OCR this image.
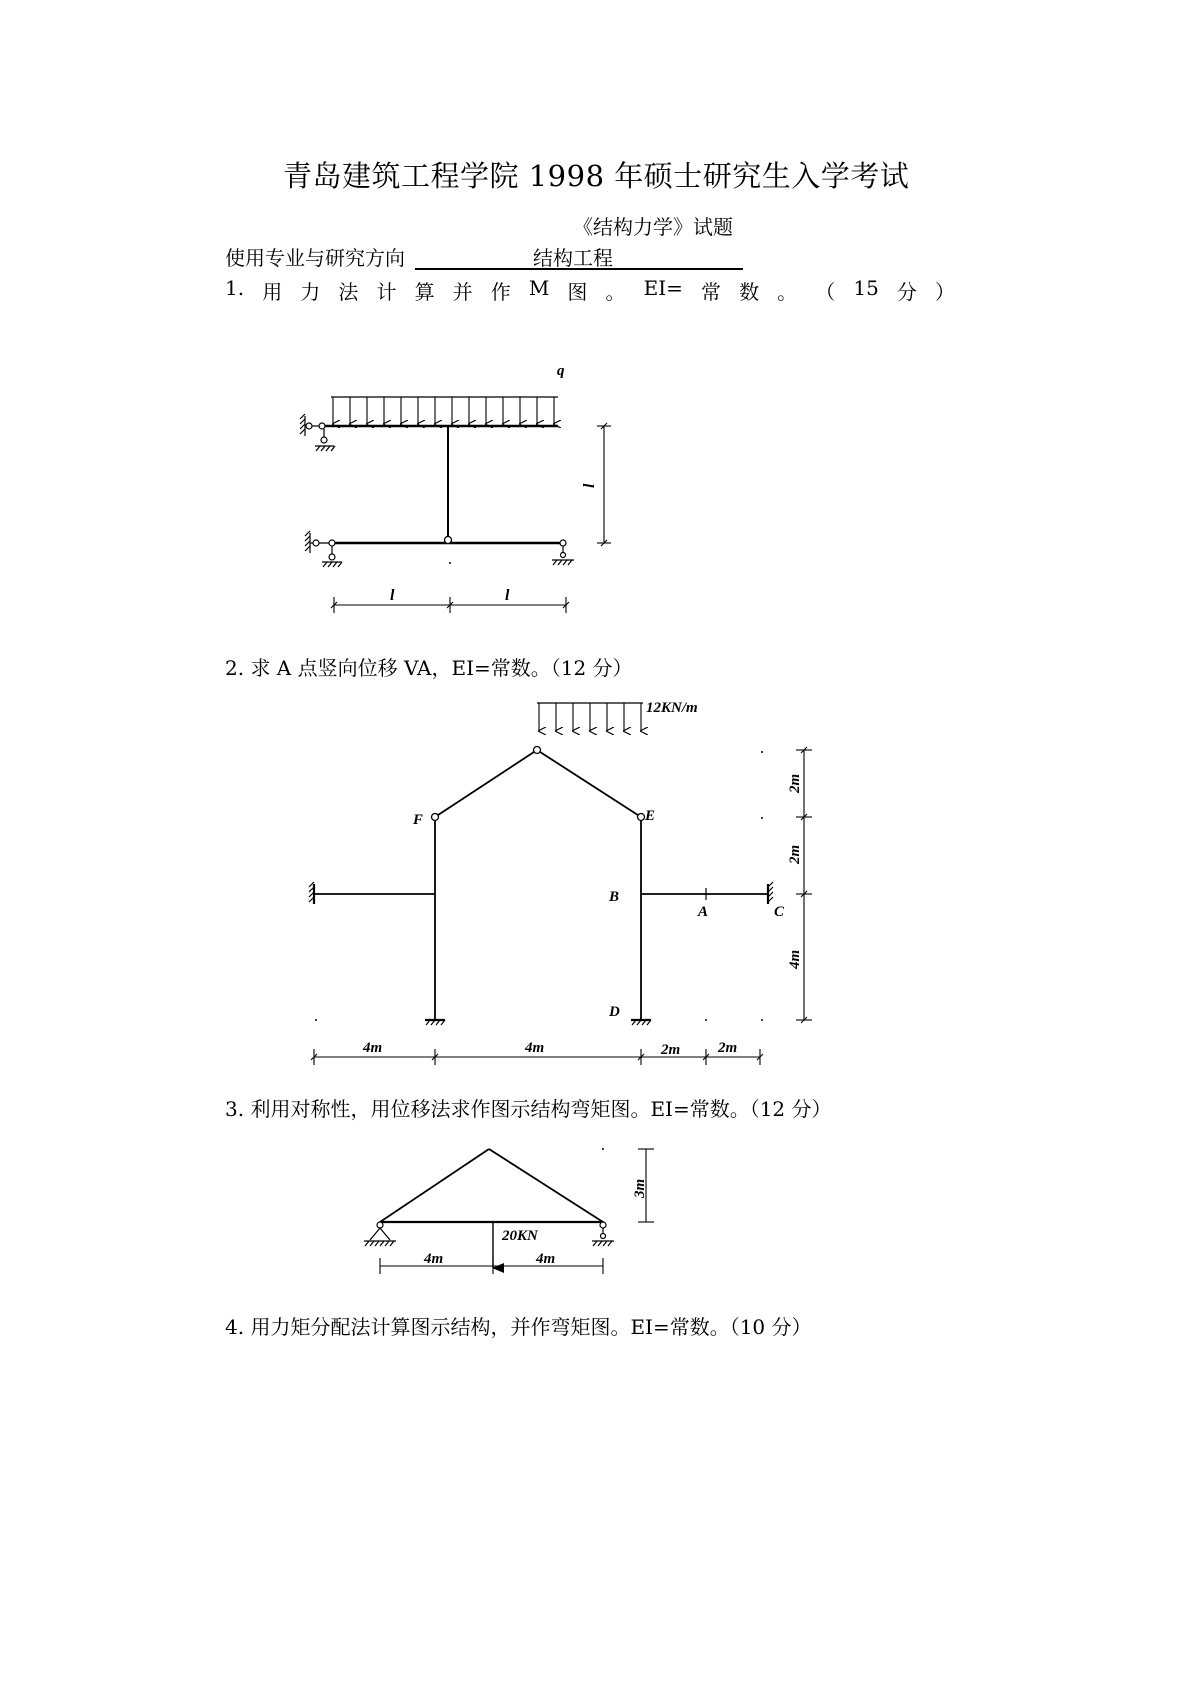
青岛建筑工程学院 1998 年硕士研究生入学考试
《结构力学》试题
使用专业与研究方向	结构工程
1. 用 力 法 计 算 并 作 M 图 。 EI= 常 数 。 （ 15 分 ）
2. 求 A 点竖向位移 VA，EI=常数。（12 分）
3. 利用对称性，用位移法求作图示结构弯矩图。EI=常数。（12 分）
4. 用力矩分配法计算图示结构，并作弯矩图。EI=常数。（10 分）
q
l
l	l
12KN/m
F	E
B
A	C
D
2m
2m
4m
4m	4m	2m	2m
20KN
3m
4m	4m
